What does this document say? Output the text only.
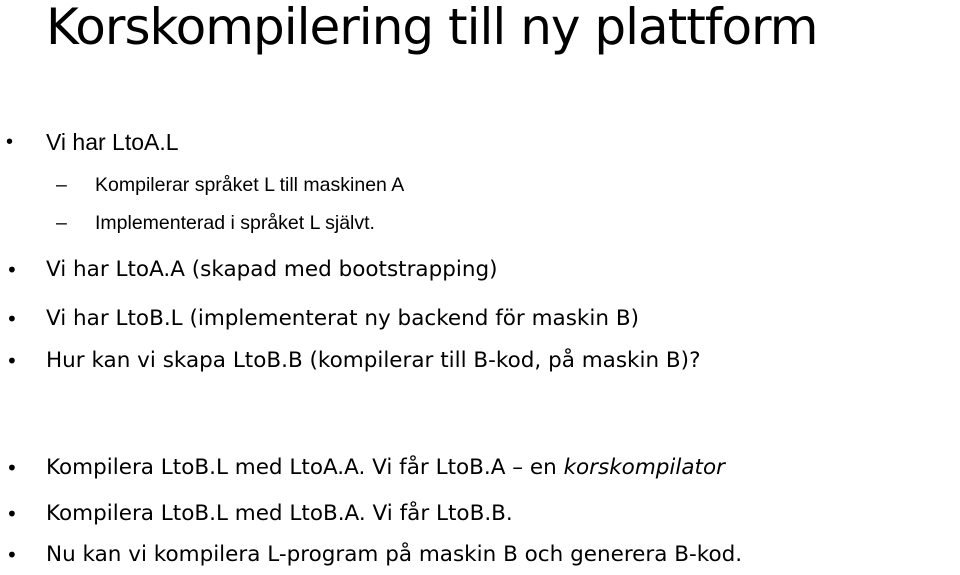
Korskompilering till ny plattform

• Vi har LtoA.L

– Kompilerar språket L till maskinen A

– Implementerad i språket L självt.

• Vi har LtoA.A (skapad med bootstrapping)

• Vi har LtoB.L (implementerat ny backend för maskin B)

• Hur kan vi skapa LtoB.B (kompilerar till B-kod, på maskin B)?

• Kompilera LtoB.L med LtoA.A. Vi får LtoB.A – en korskompilator

• Kompilera LtoB.L med LtoB.A. Vi får LtoB.B.

• Nu kan vi kompilera L-program på maskin B och generera B-kod.
